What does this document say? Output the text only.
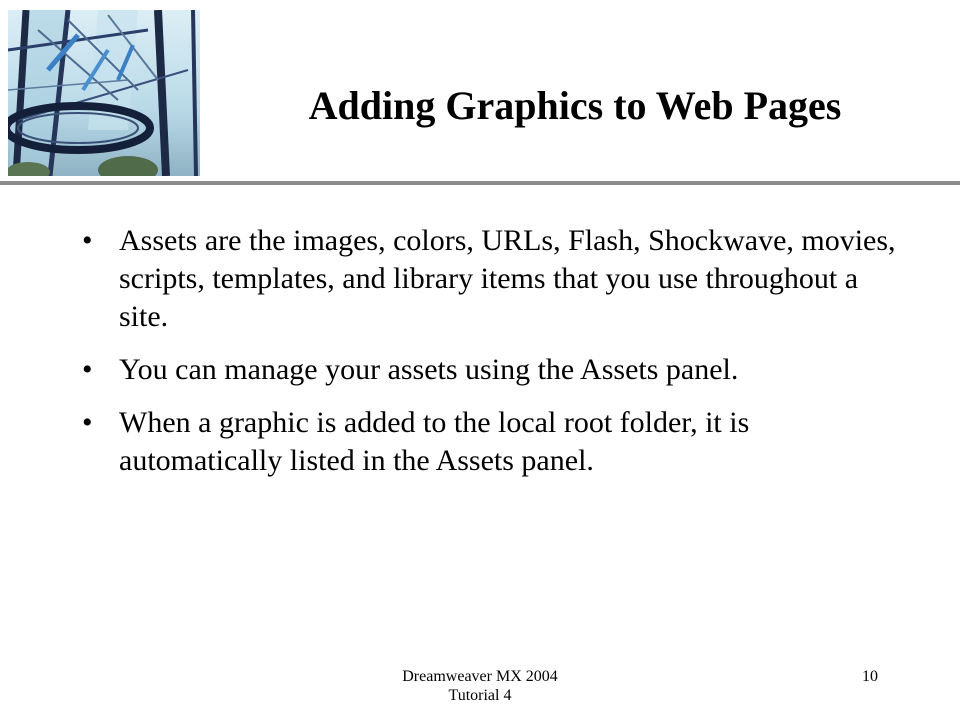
Adding Graphics to Web Pages
• Assets are the images, colors, URLs, Flash, Shockwave, movies, scripts, templates, and library items that you use throughout a site.
• You can manage your assets using the Assets panel.
• When a graphic is added to the local root folder, it is automatically listed in the Assets panel.
Dreamweaver MX 2004
Tutorial 4
10
